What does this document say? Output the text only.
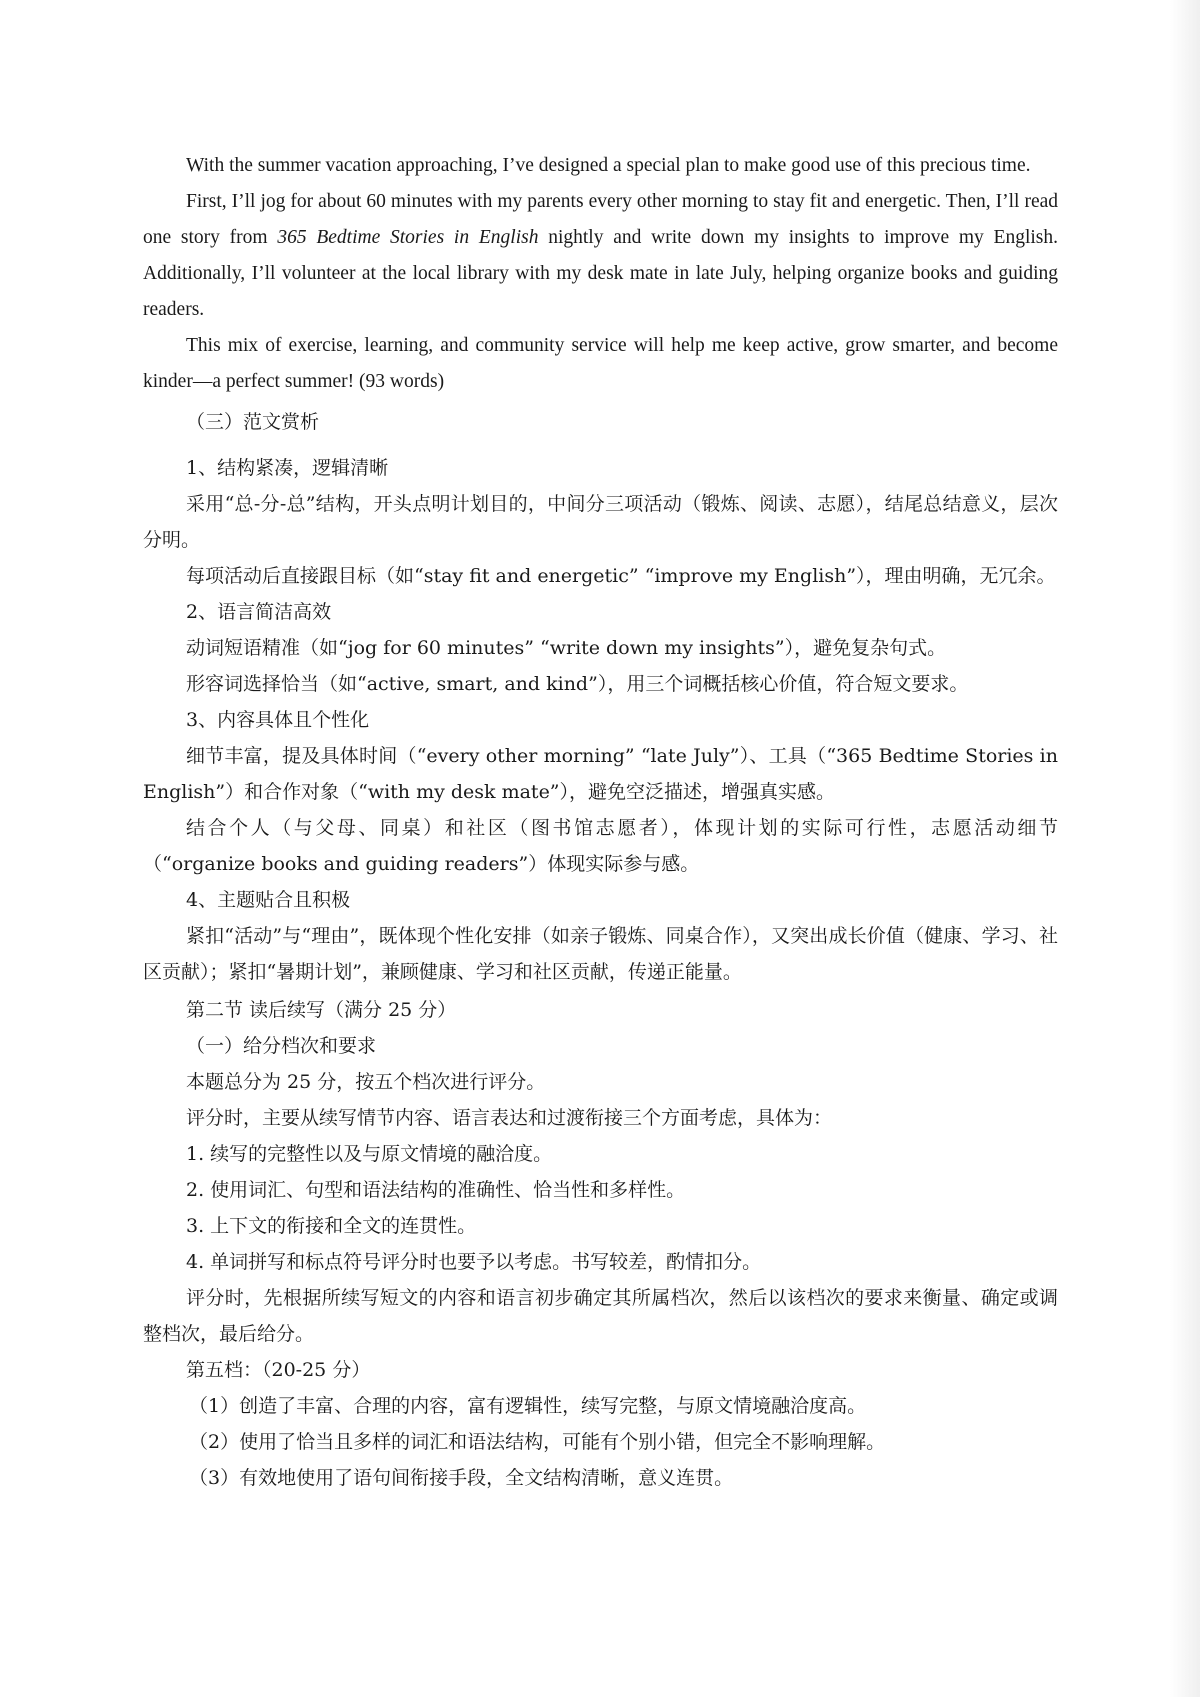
With the summer vacation approaching, I’ve designed a special plan to make good use of this precious time.

First, I’ll jog for about 60 minutes with my parents every other morning to stay fit and energetic. Then, I’ll read one story from 365 Bedtime Stories in English nightly and write down my insights to improve my English. Additionally, I’ll volunteer at the local library with my desk mate in late July, helping organize books and guiding readers.

This mix of exercise, learning, and community service will help me keep active, grow smarter, and become kinder—a perfect summer! (93 words)

（三）范文赏析

1、结构紧凑，逻辑清晰

采用“总-分-总”结构，开头点明计划目的，中间分三项活动（锻炼、阅读、志愿），结尾总结意义，层次分明。

每项活动后直接跟目标（如“stay fit and energetic” “improve my English”），理由明确，无冗余。

2、语言简洁高效

动词短语精准（如“jog for 60 minutes” “write down my insights”），避免复杂句式。

形容词选择恰当（如“active, smart, and kind”），用三个词概括核心价值，符合短文要求。

3、内容具体且个性化

细节丰富，提及具体时间（“every other morning” “late July”）、工具（“365 Bedtime Stories in English”）和合作对象（“with my desk mate”），避免空泛描述，增强真实感。

结合个人（与父母、同桌）和社区（图书馆志愿者），体现计划的实际可行性，志愿活动细节（“organize books and guiding readers”）体现实际参与感。

4、主题贴合且积极

紧扣“活动”与“理由”，既体现个性化安排（如亲子锻炼、同桌合作），又突出成长价值（健康、学习、社区贡献）；紧扣“暑期计划”，兼顾健康、学习和社区贡献，传递正能量。

第二节 读后续写（满分 25 分）

（一）给分档次和要求

本题总分为 25 分，按五个档次进行评分。

评分时，主要从续写情节内容、语言表达和过渡衔接三个方面考虑，具体为：

1. 续写的完整性以及与原文情境的融洽度。

2. 使用词汇、句型和语法结构的准确性、恰当性和多样性。

3. 上下文的衔接和全文的连贯性。

4. 单词拼写和标点符号评分时也要予以考虑。书写较差，酌情扣分。

评分时，先根据所续写短文的内容和语言初步确定其所属档次，然后以该档次的要求来衡量、确定或调整档次，最后给分。

第五档：（20-25 分）

（1）创造了丰富、合理的内容，富有逻辑性，续写完整，与原文情境融洽度高。

（2）使用了恰当且多样的词汇和语法结构，可能有个别小错，但完全不影响理解。

（3）有效地使用了语句间衔接手段，全文结构清晰，意义连贯。
